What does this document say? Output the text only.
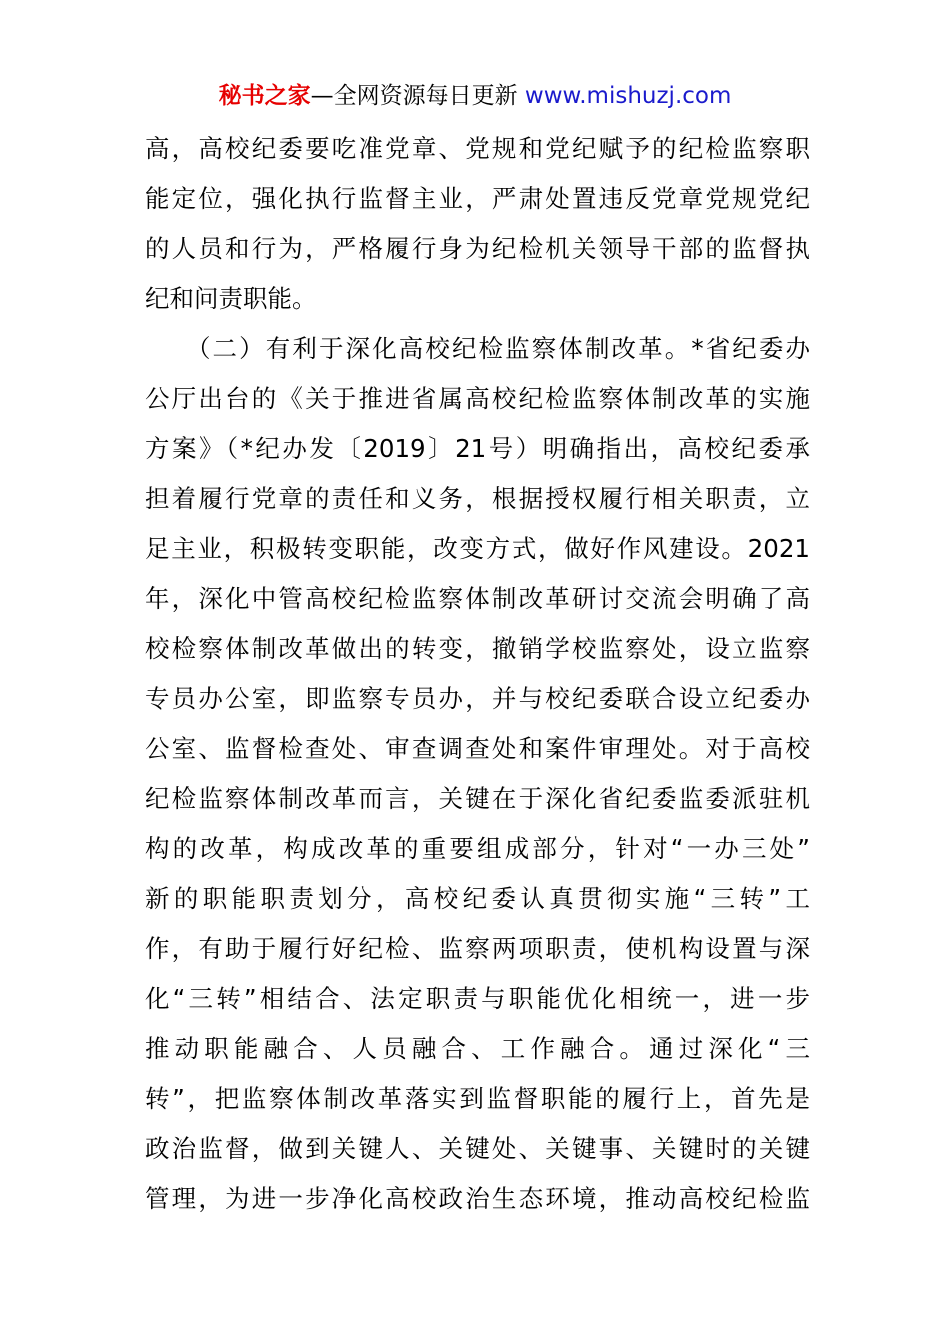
秘书之家—全网资源每日更新 www.mishuzj.com
高，高校纪委要吃准党章、党规和党纪赋予的纪检监察职
能定位，强化执行监督主业，严肃处置违反党章党规党纪
的人员和行为，严格履行身为纪检机关领导干部的监督执
纪和问责职能。
　　（二）有利于深化高校纪检监察体制改革。*省纪委办
公厅出台的《关于推进省属高校纪检监察体制改革的实施
方案》（*纪办发〔2019〕21号）明确指出，高校纪委承
担着履行党章的责任和义务，根据授权履行相关职责，立
足主业，积极转变职能，改变方式，做好作风建设。2021
年，深化中管高校纪检监察体制改革研讨交流会明确了高
校检察体制改革做出的转变，撤销学校监察处，设立监察
专员办公室，即监察专员办，并与校纪委联合设立纪委办
公室、监督检查处、审查调查处和案件审理处。对于高校
纪检监察体制改革而言，关键在于深化省纪委监委派驻机
构的改革，构成改革的重要组成部分，针对“一办三处”
新的职能职责划分，高校纪委认真贯彻实施“三转”工
作，有助于履行好纪检、监察两项职责，使机构设置与深
化“三转”相结合、法定职责与职能优化相统一，进一步
推动职能融合、人员融合、工作融合。通过深化“三
转”，把监察体制改革落实到监督职能的履行上，首先是
政治监督，做到关键人、关键处、关键事、关键时的关键
管理，为进一步净化高校政治生态环境，推动高校纪检监
